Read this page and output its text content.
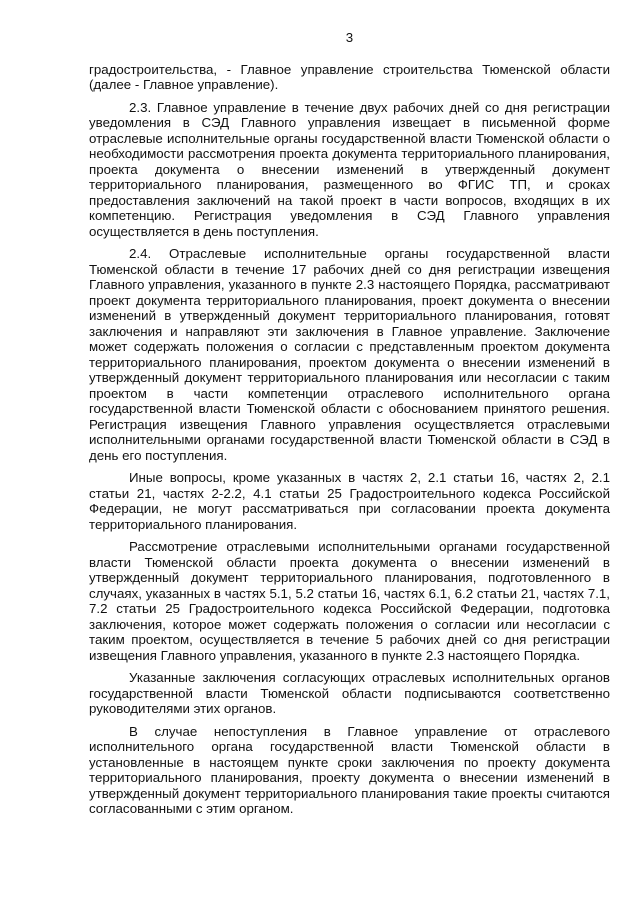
3

градостроительства, - Главное управление строительства Тюменской области (далее - Главное управление).

2.3. Главное управление в течение двух рабочих дней со дня регистрации уведомления в СЭД Главного управления извещает в письменной форме отраслевые исполнительные органы государственной власти Тюменской области о необходимости рассмотрения проекта документа территориального планирования, проекта документа о внесении изменений в утвержденный документ территориального планирования, размещенного во ФГИС ТП, и сроках предоставления заключений на такой проект в части вопросов, входящих в их компетенцию. Регистрация уведомления в СЭД Главного управления осуществляется в день поступления.

2.4. Отраслевые исполнительные органы государственной власти Тюменской области в течение 17 рабочих дней со дня регистрации извещения Главного управления, указанного в пункте 2.3 настоящего Порядка, рассматривают проект документа территориального планирования, проект документа о внесении изменений в утвержденный документ территориального планирования, готовят заключения и направляют эти заключения в Главное управление. Заключение может содержать положения о согласии с представленным проектом документа территориального планирования, проектом документа о внесении изменений в утвержденный документ территориального планирования или несогласии с таким проектом в части компетенции отраслевого исполнительного органа государственной власти Тюменской области с обоснованием принятого решения. Регистрация извещения Главного управления осуществляется отраслевыми исполнительными органами государственной власти Тюменской области в СЭД в день его поступления.

Иные вопросы, кроме указанных в частях 2, 2.1 статьи 16, частях 2, 2.1 статьи 21, частях 2-2.2, 4.1 статьи 25 Градостроительного кодекса Российской Федерации, не могут рассматриваться при согласовании проекта документа территориального планирования.

Рассмотрение отраслевыми исполнительными органами государственной власти Тюменской области проекта документа о внесении изменений в утвержденный документ территориального планирования, подготовленного в случаях, указанных в частях 5.1, 5.2 статьи 16, частях 6.1, 6.2 статьи 21, частях 7.1, 7.2 статьи 25 Градостроительного кодекса Российской Федерации, подготовка заключения, которое может содержать положения о согласии или несогласии с таким проектом, осуществляется в течение 5 рабочих дней со дня регистрации извещения Главного управления, указанного в пункте 2.3 настоящего Порядка.

Указанные заключения согласующих отраслевых исполнительных органов государственной власти Тюменской области подписываются соответственно руководителями этих органов.

В случае непоступления в Главное управление от отраслевого исполнительного органа государственной власти Тюменской области в установленные в настоящем пункте сроки заключения по проекту документа территориального планирования, проекту документа о внесении изменений в утвержденный документ территориального планирования такие проекты считаются согласованными с этим органом.
